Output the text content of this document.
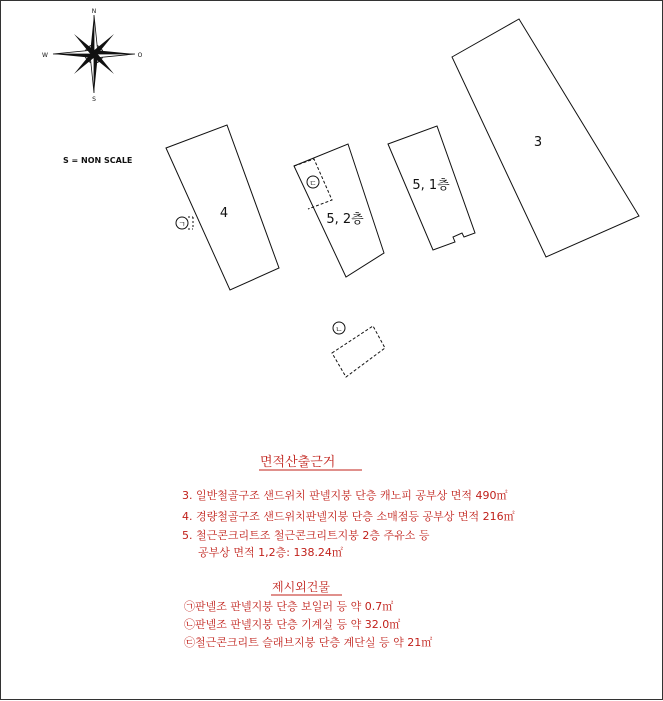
N
S
W	O
S = NON SCALE
4
ㄱ	5, 2층
ㄷ	5, 1층
3
ㄴ
면적산출근거
3. 일반철골구조 샌드위치 판넬지붕 단층 캐노피 공부상 면적 490㎡
4. 경량철골구조 샌드위치판넬지붕 단층 소매점등 공부상 면적 216㎡
5. 철근콘크리트조 철근콘크리트지붕 2층 주유소 등
공부상 면적 1,2층: 138.24㎡
제시외건물
㉠판넬조 판넬지붕 단층 보일러 등 약 0.7㎡
㉡판넬조 판넬지붕 단층 기계실 등 약 32.0㎡
㉢철근콘크리트 슬래브지붕 단층 계단실 등 약 21㎡
